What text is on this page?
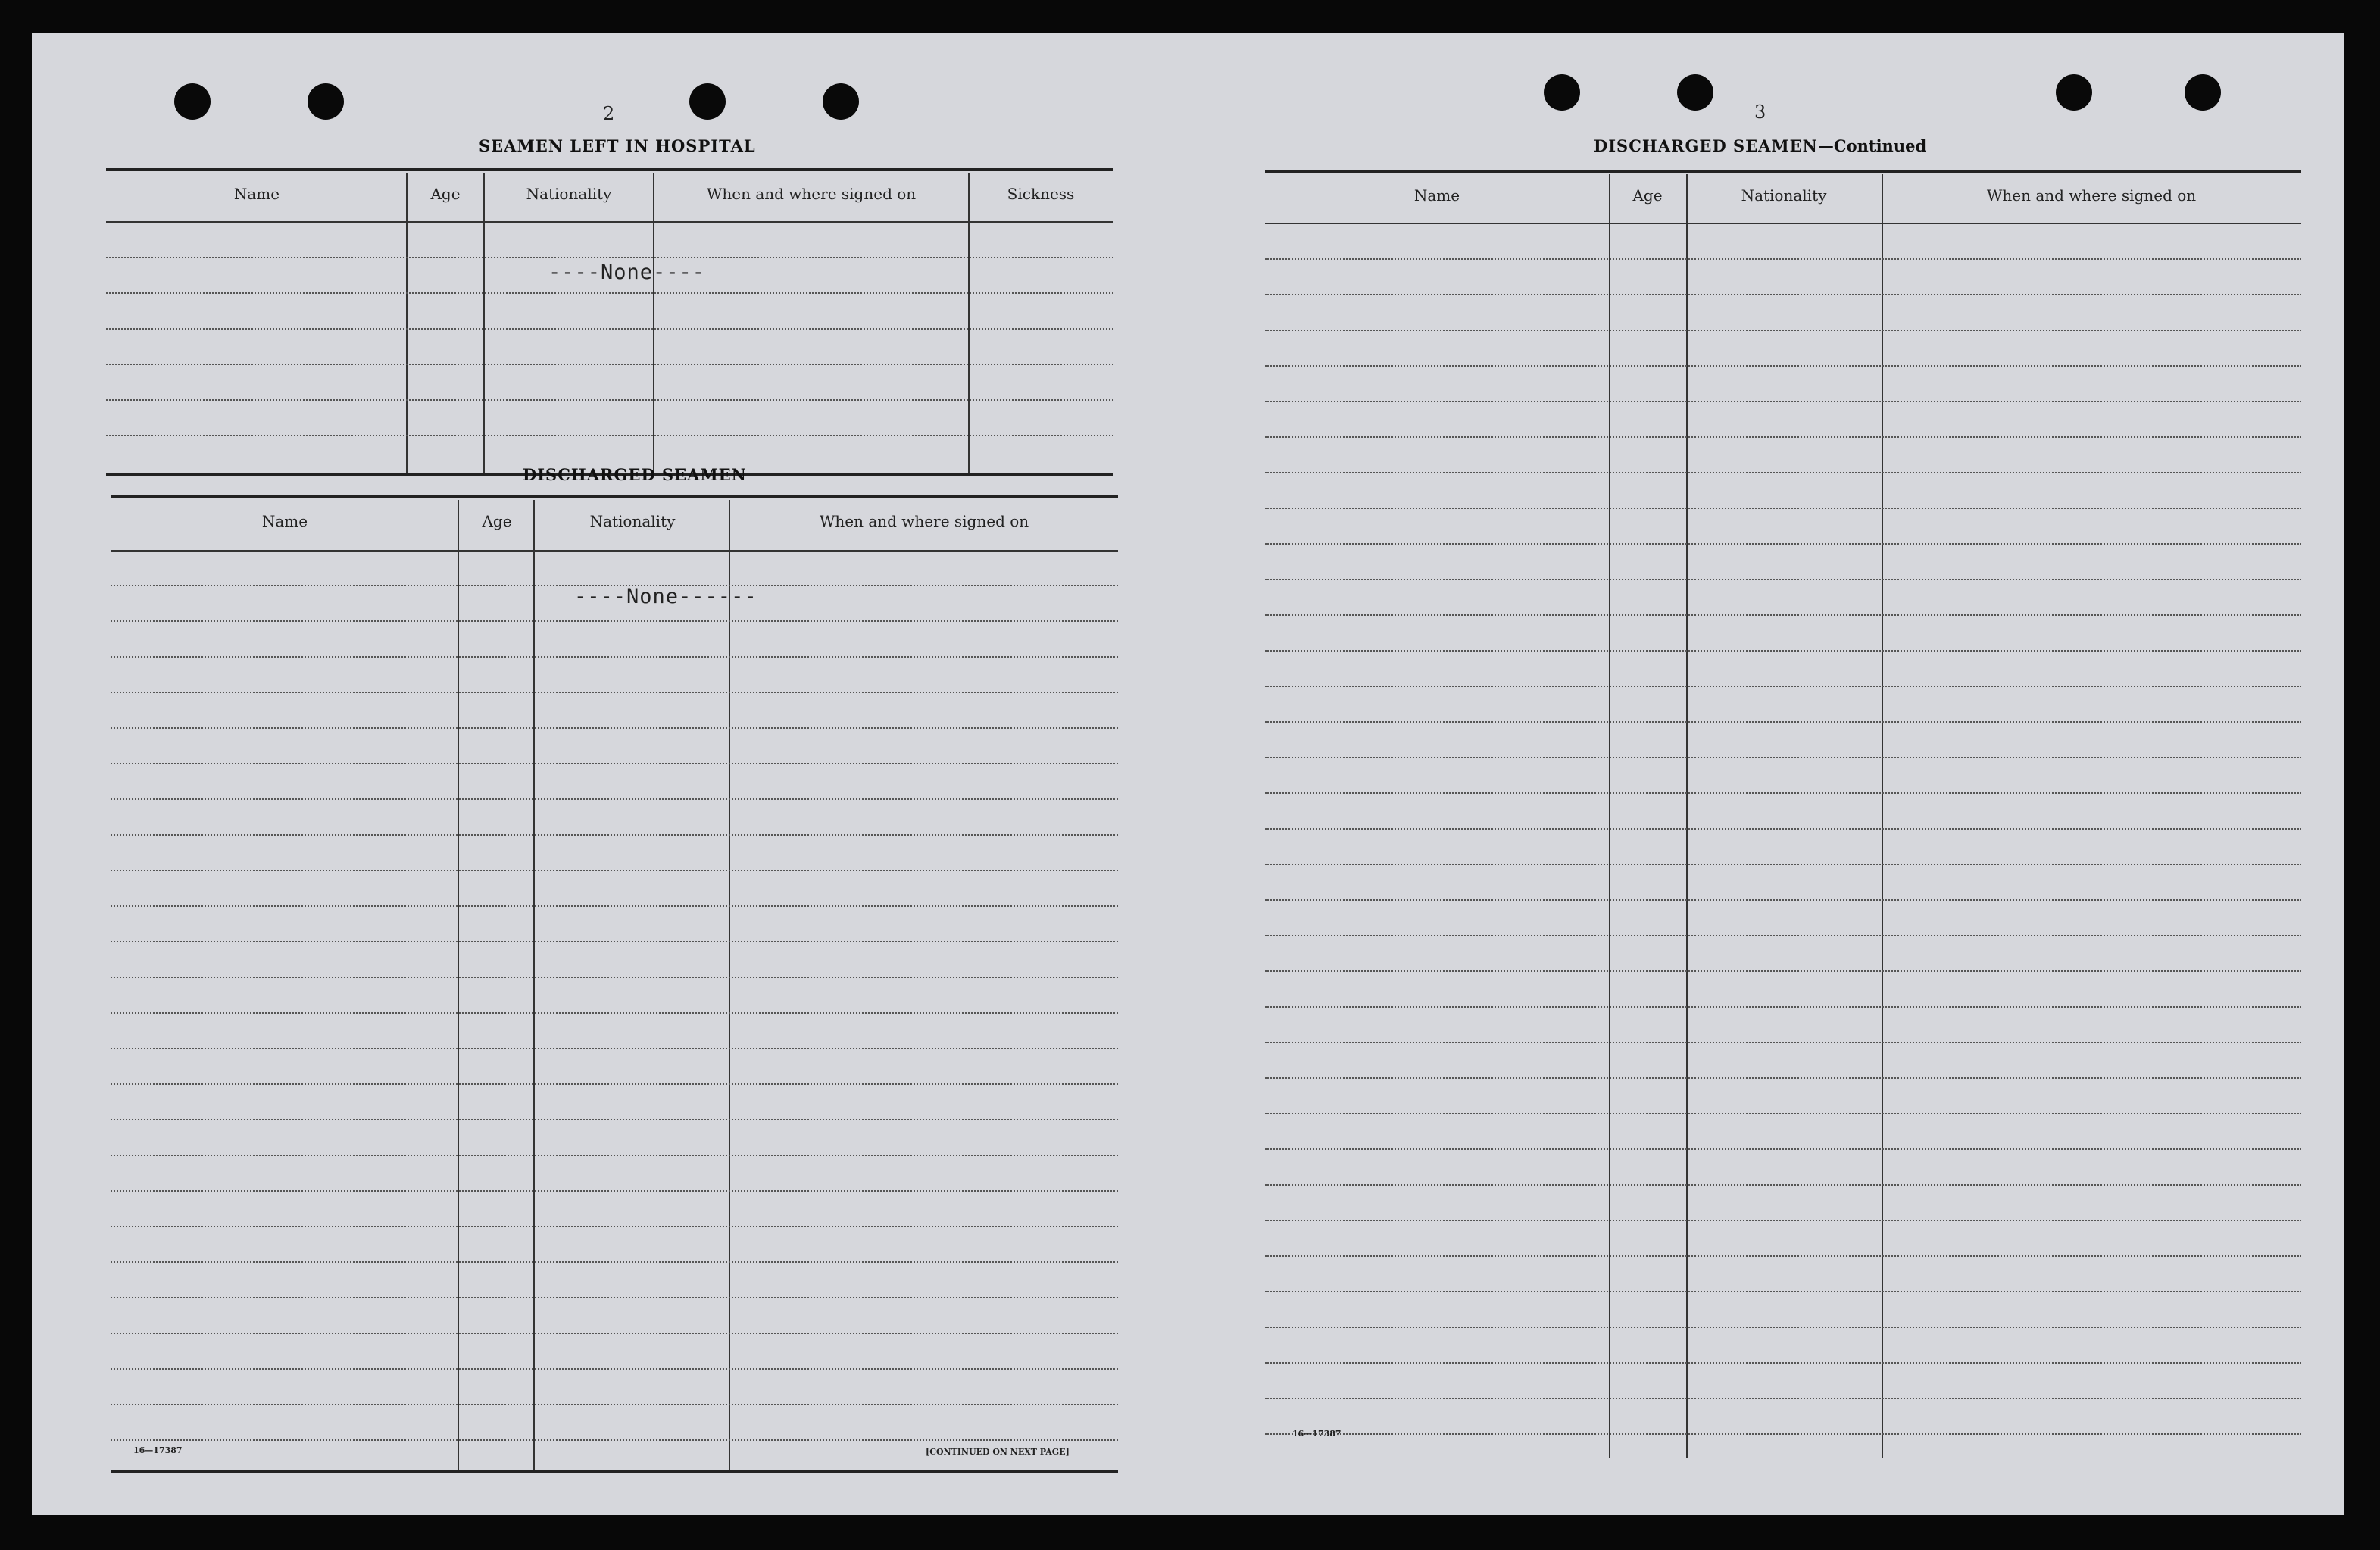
2
SEAMEN LEFT IN HOSPITAL
Name	Age	Nationality	When and where signed on	Sickness
----None----
DISCHARGED SEAMEN
Name	Age	Nationality	When and where signed on
----None------
16—17387	[CONTINUED ON NEXT PAGE]
3
DISCHARGED SEAMEN—Continued
Name	Age	Nationality	When and where signed on
16—17387
